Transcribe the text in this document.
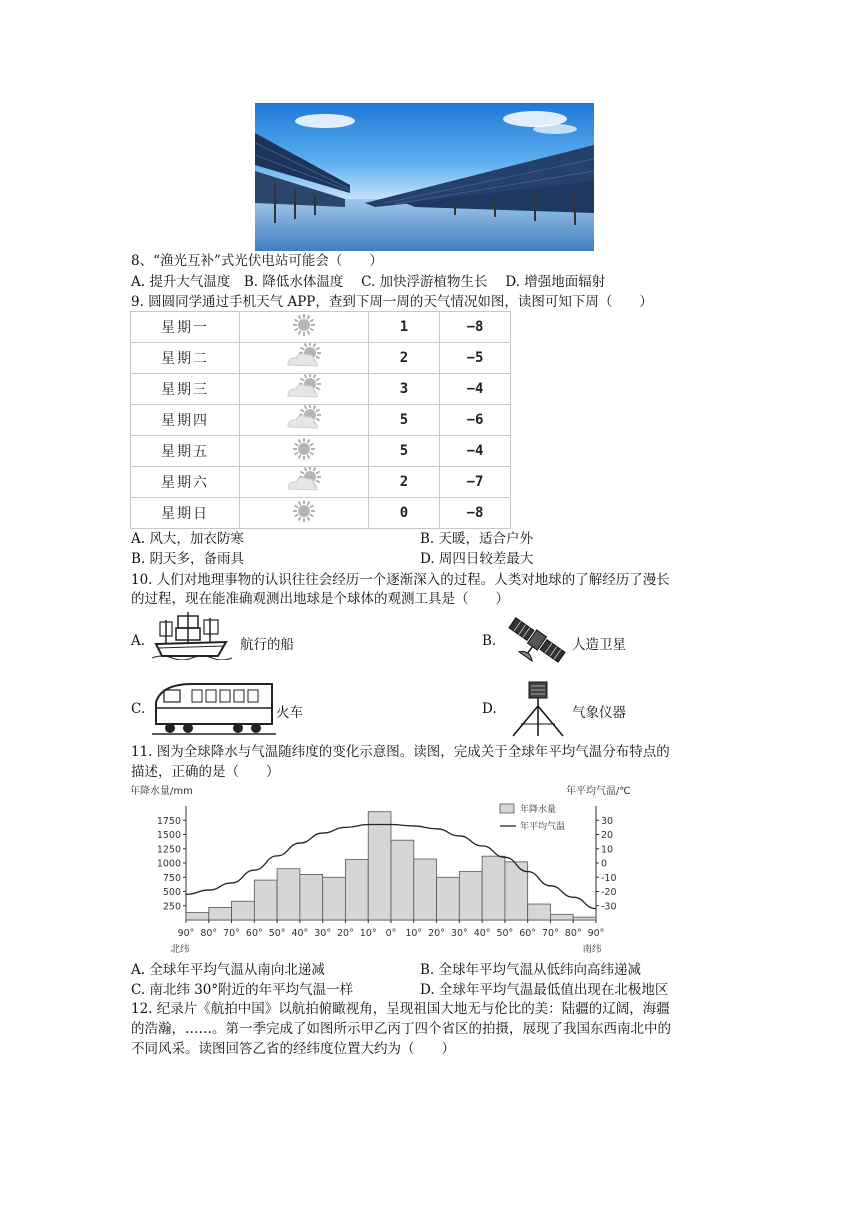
8、“渔光互补”式光伏电站可能会（　　）
A. 提升大气温度　B. 降低水体温度　 C. 加快浮游植物生长　 D. 增强地面辐射
9. 圆圆同学通过手机天气 APP，查到下周一周的天气情况如图，读图可知下周（　　）
星期一		1	−8
星期二		2	−5
星期三		3	−4
星期四		5	−6
星期五		5	−4
星期六		2	−7
星期日		0	−8
A. 风大，加衣防寒	B. 天暖，适合户外
B. 阴天多，备雨具	D. 周四日较差最大
10. 人们对地理事物的认识往往会经历一个逐渐深入的过程。人类对地球的了解经历了漫长
的过程，现在能准确观测出地球是个球体的观测工具是（　　）
A.	航行的船	B.	人造卫星
C.	火车	D.	气象仪器
11. 图为全球降水与气温随纬度的变化示意图。读图，完成关于全球年平均气温分布特点的
描述，正确的是（　　）
年降水量/mm	年平均气温/℃
250
500
750
1000
1250
1500
1750	30
20
10
0
-10
-20
-30
90° 80° 70° 60° 50° 40° 30° 20° 10° 0° 10° 20° 30° 40° 50° 60° 70° 80° 90°
北纬	南纬
年降水量
年平均气温
A. 全球年平均气温从南向北递减	B. 全球年平均气温从低纬向高纬递减
C. 南北纬 30°附近的年平均气温一样	D. 全球年平均气温最低值出现在北极地区
12. 纪录片《航拍中国》以航拍俯瞰视角，呈现祖国大地无与伦比的美：陆疆的辽阔，海疆
的浩瀚，……。第一季完成了如图所示甲乙丙丁四个省区的拍摄，展现了我国东西南北中的
不同风采。读图回答乙省的经纬度位置大约为（　　）
